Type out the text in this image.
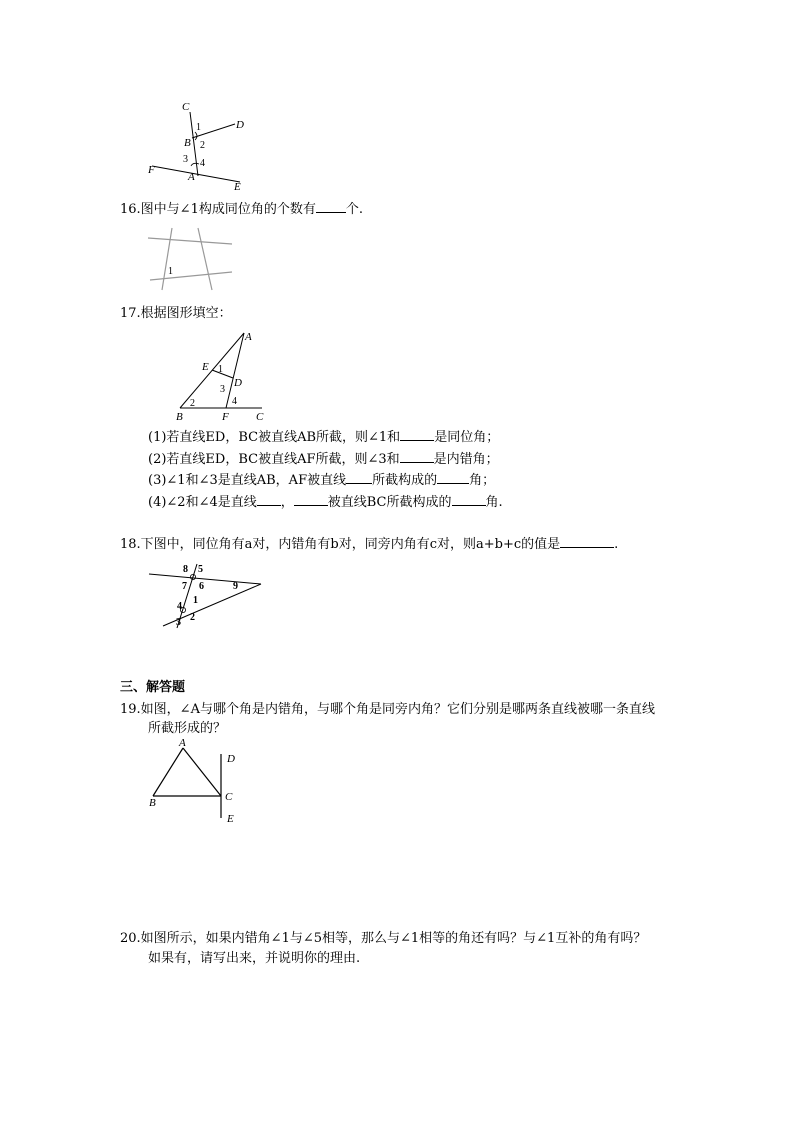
C
1	D
B 2
3 4
F
A
E
16.图中与∠1构成同位角的个数有 个.
1
17.根据图形填空：
A
E 1
D
3
2	4
B	F C
(1)若直线ED，BC被直线AB所截，则∠1和	是同位角；
(2)若直线ED，BC被直线AF所截，则∠3和	是内错角；
(3)∠1和∠3是直线AB，AF被直线 所截构成的 角；
(4)∠2和∠4是直线 ，	被直线BC所截构成的	角.
18.下图中，同位角有a对，内错角有b对，同旁内角有c对，则a+b+c的值是	.
8 5
7 6	9
1
4
3 2
三、解答题
19.如图，∠A与哪个角是内错角，与哪个角是同旁内角？它们分别是哪两条直线被哪一条直线
所截形成的？
A
D
B	C
E
20.如图所示，如果内错角∠1与∠5相等，那么与∠1相等的角还有吗？与∠1互补的角有吗？
如果有，请写出来，并说明你的理由.
